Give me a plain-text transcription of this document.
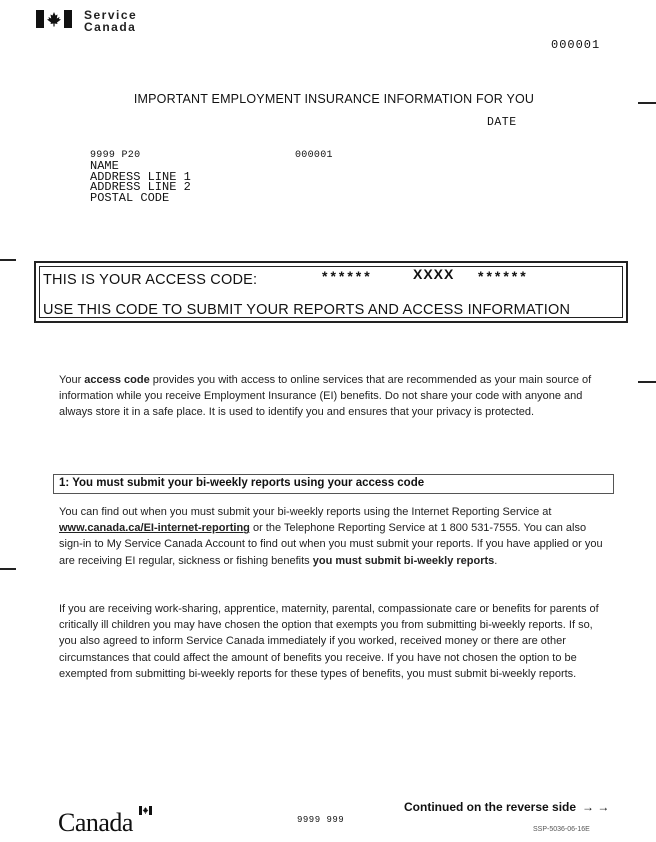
Service
Canada
000001
IMPORTANT EMPLOYMENT INSURANCE INFORMATION FOR YOU
DATE
9999 P20	000001
NAME
ADDRESS LINE 1
ADDRESS LINE 2
POSTAL CODE
THIS IS YOUR ACCESS CODE:	******	XXXX ******
USE THIS CODE TO SUBMIT YOUR REPORTS AND ACCESS INFORMATION
Your access code provides you with access to online services that are recommended as your main source of information while you receive Employment Insurance (EI) benefits. Do not share your code with anyone and always store it in a safe place. It is used to identify you and ensures that your privacy is protected.
1: You must submit your bi-weekly reports using your access code
You can find out when you must submit your bi-weekly reports using the Internet Reporting Service at www.canada.ca/EI-internet-reporting or the Telephone Reporting Service at 1 800 531-7555. You can also sign-in to My Service Canada Account to find out when you must submit your reports. If you have applied or you are receiving EI regular, sickness or fishing benefits you must submit bi-weekly reports.
If you are receiving work-sharing, apprentice, maternity, parental, compassionate care or benefits for parents of critically ill children you may have chosen the option that exempts you from submitting bi-weekly reports. If so, you also agreed to inform Service Canada immediately if you worked, received money or there are other circumstances that could affect the amount of benefits you receive. If you have not chosen the option to be exempted from submitting bi-weekly reports for these types of benefits, you must submit bi-weekly reports.
Canada	9999 999
Continued on the reverse side → →
SSP-5036-06-16E
